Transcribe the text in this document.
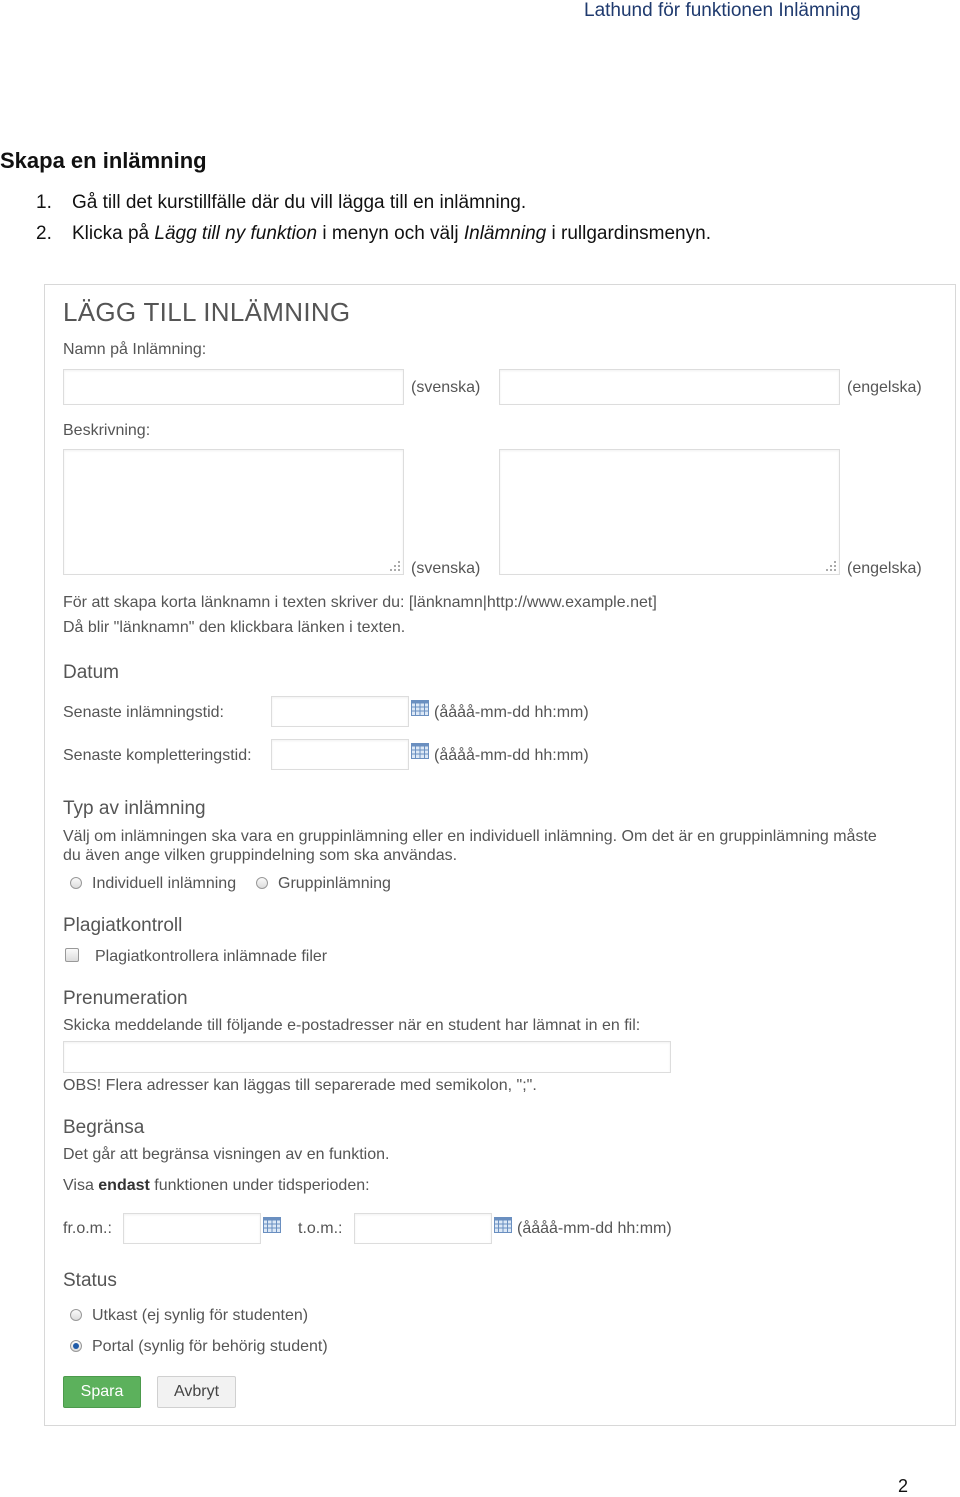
Lathund för funktionen Inlämning
Skapa en inlämning
1. Gå till det kurstillfälle där du vill lägga till en inlämning.
2. Klicka på Lägg till ny funktion i menyn och välj Inlämning i rullgardinsmenyn.
LÄGG TILL INLÄMNING
Namn på Inlämning:
(svenska)	(engelska)
Beskrivning:
(svenska)	(engelska)
För att skapa korta länknamn i texten skriver du: [länknamn|http://www.example.net]
Då blir "länknamn" den klickbara länken i texten.
Datum
Senaste inlämningstid:	(åååå-mm-dd hh:mm)
Senaste kompletteringstid:	(åååå-mm-dd hh:mm)
Typ av inlämning
Välj om inlämningen ska vara en gruppinlämning eller en individuell inlämning. Om det är en gruppinlämning måste
du även ange vilken gruppindelning som ska användas.
Individuell inlämning	Gruppinlämning
Plagiatkontroll
Plagiatkontrollera inlämnade filer
Prenumeration
Skicka meddelande till följande e-postadresser när en student har lämnat in en fil:
OBS! Flera adresser kan läggas till separerade med semikolon, ";".
Begränsa
Det går att begränsa visningen av en funktion.
Visa endast funktionen under tidsperioden:
fr.o.m.:	t.o.m.:	(åååå-mm-dd hh:mm)
Status
Utkast (ej synlig för studenten)
Portal (synlig för behörig student)
Spara	Avbryt
2
